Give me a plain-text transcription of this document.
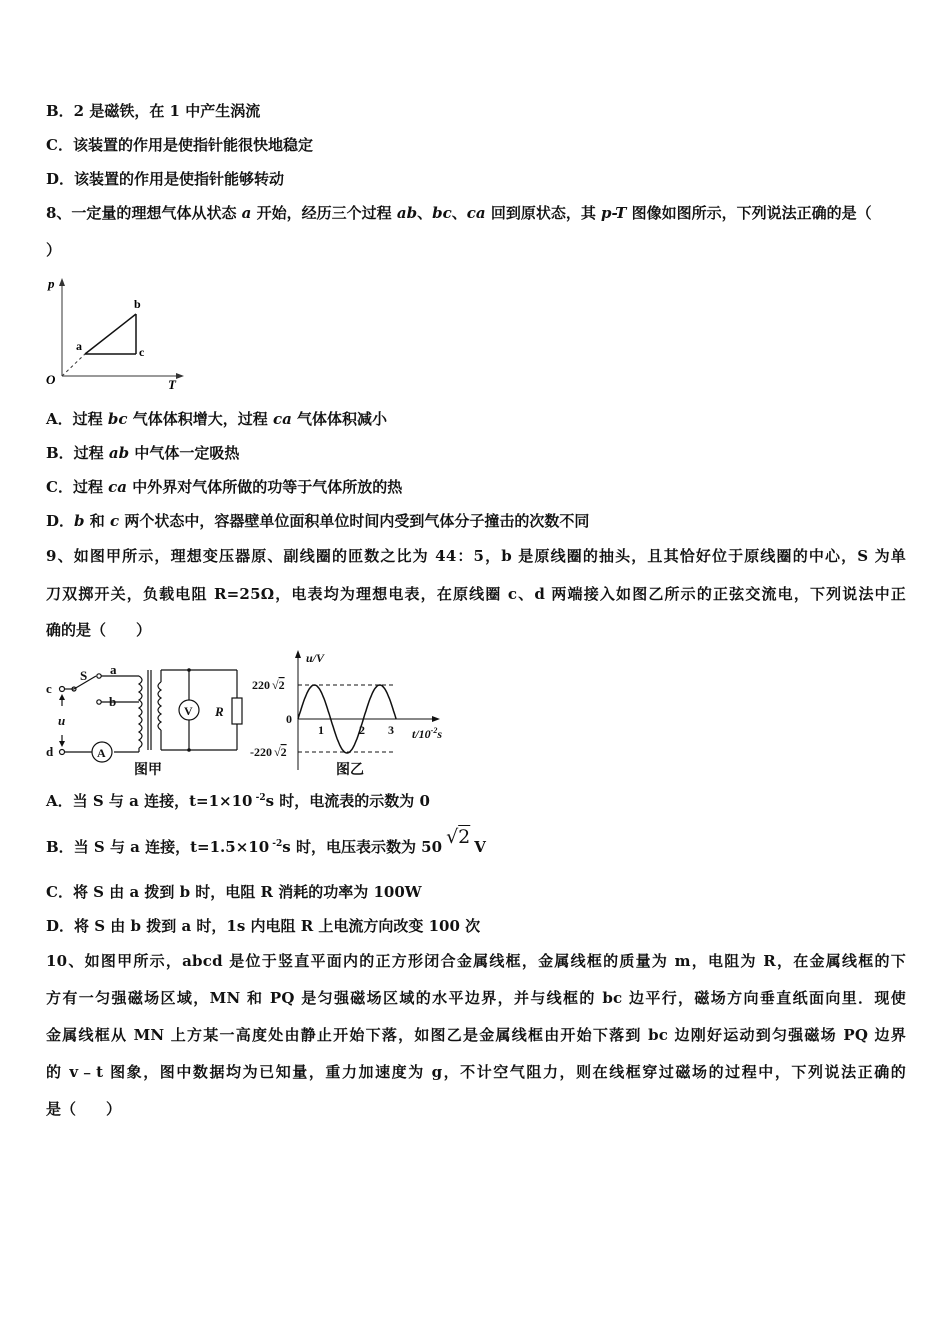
B．2 是磁铁，在 1 中产生涡流
C．该装置的作用是使指针能很快地稳定
D．该装置的作用是使指针能够转动
8、一定量的理想气体从状态 a 开始，经历三个过程 ab、bc、ca 回到原状态，其 p-T 图像如图所示，下列说法正确的是（
）
p
T
O
a
b
c
A．过程 bc 气体体积增大，过程 ca 气体体积减小
B．过程 ab 中气体一定吸热
C．过程 ca 中外界对气体所做的功等于气体所放的热
D．b 和 c 两个状态中，容器壁单位面积单位时间内受到气体分子撞击的次数不同
9、如图甲所示，理想变压器原、副线圈的匝数之比为 44：5，b 是原线圈的抽头，且其恰好位于原线圈的中心，S 为单
刀双掷开关，负载电阻 R=25Ω，电表均为理想电表，在原线圈 c、d 两端接入如图乙所示的正弦交流电，下列说法中正
确的是（　　）
S a
b
c
d
u
V R
A
图甲
u/V
220 √2
0
-220 √2
1	2 3 $t/10^{-2}s$
图乙
A．当 S 与 a 连接，t=1×10 $^{-2}$s 时，电流表的示数为 0
B．当 S 与 a 连接，t=1.5×10 $^{-2}$s 时，电压表示数为 50 √2 V
C．将 S 由 a 拨到 b 时，电阻 R 消耗的功率为 100W
D．将 S 由 b 拨到 a 时，1s 内电阻 R 上电流方向改变 100 次
10、如图甲所示，abcd 是位于竖直平面内的正方形闭合金属线框，金属线框的质量为 m，电阻为 R，在金属线框的下
方有一匀强磁场区域，MN 和 PQ 是匀强磁场区域的水平边界，并与线框的 bc 边平行，磁场方向垂直纸面向里．现使
金属线框从 MN 上方某一高度处由静止开始下落，如图乙是金属线框由开始下落到 bc 边刚好运动到匀强磁场 PQ 边界
的 v﹣t 图象，图中数据均为已知量，重力加速度为 g，不计空气阻力，则在线框穿过磁场的过程中，下列说法正确的
是（　　）
